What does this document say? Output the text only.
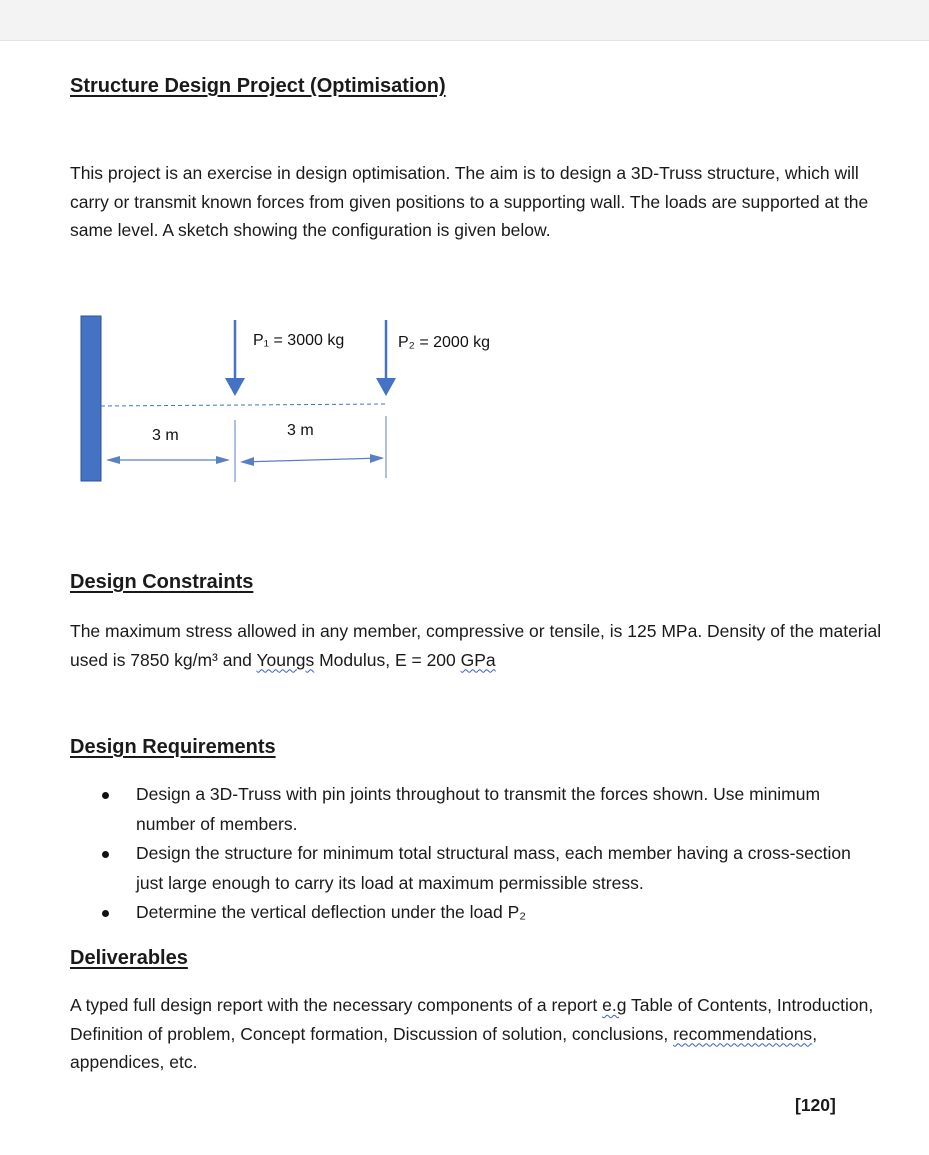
Structure Design Project (Optimisation)
This project is an exercise in design optimisation. The aim is to design a 3D-Truss structure, which will carry or transmit known forces from given positions to a supporting wall. The loads are supported at the same level. A sketch showing the configuration is given below.
P₁ = 3000 kg	P₂ = 2000 kg
3 m	3 m
Design Constraints
The maximum stress allowed in any member, compressive or tensile, is 125 MPa. Density of the material used is 7850 kg/m³ and Youngs Modulus, E = 200 GPa
Design Requirements
Design a 3D-Truss with pin joints throughout to transmit the forces shown. Use minimum number of members.
Design the structure for minimum total structural mass, each member having a cross-section just large enough to carry its load at maximum permissible stress.
Determine the vertical deflection under the load P₂
Deliverables
A typed full design report with the necessary components of a report e.g Table of Contents, Introduction, Definition of problem, Concept formation, Discussion of solution, conclusions, recommendations, appendices, etc.
[120]
